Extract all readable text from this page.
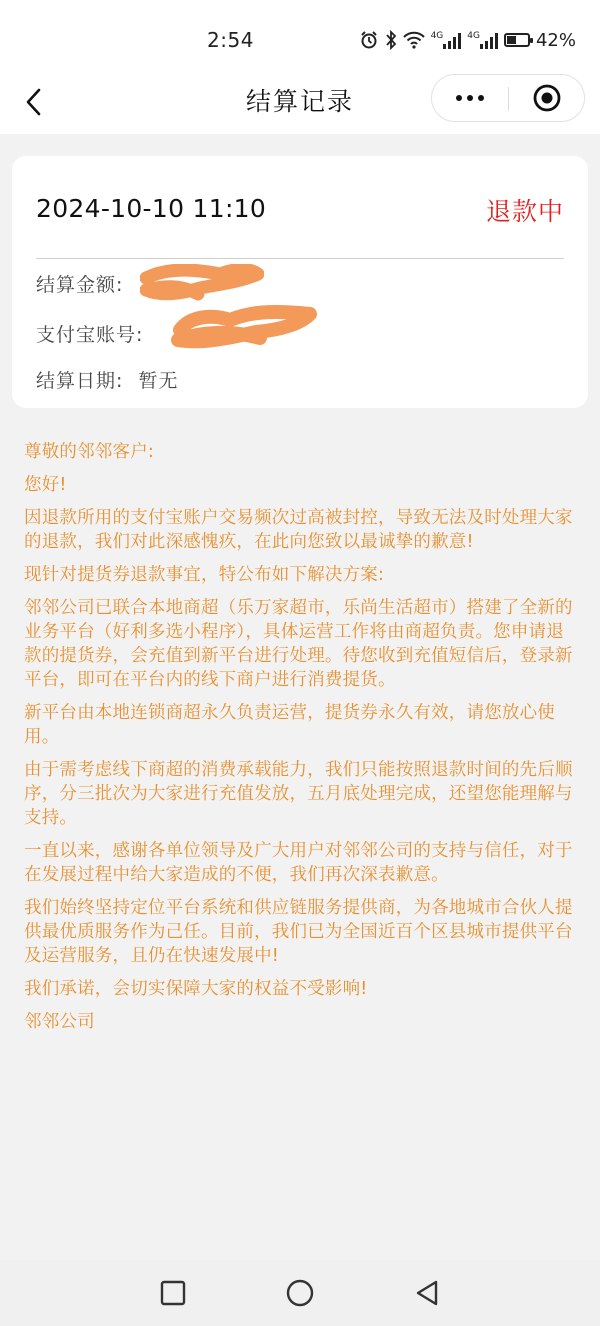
2:54	4G	4G	42%
结算记录
2024-10-10 11:10	退款中
结算金额:
支付宝账号:
结算日期: 暂无

尊敬的邻邻客户:

您好!

因退款所用的支付宝账户交易频次过高被封控，导致无法及时处理大家的退款，我们对此深感愧疚，在此向您致以最诚挚的歉意!

现针对提货券退款事宜，特公布如下解决方案:

邻邻公司已联合本地商超（乐万家超市，乐尚生活超市）搭建了全新的业务平台（好利多选小程序），具体运营工作将由商超负责。您申请退款的提货券，会充值到新平台进行处理。待您收到充值短信后，登录新平台，即可在平台内的线下商户进行消费提货。

新平台由本地连锁商超永久负责运营，提货券永久有效，请您放心使用。

由于需考虑线下商超的消费承载能力，我们只能按照退款时间的先后顺序，分三批次为大家进行充值发放，五月底处理完成，还望您能理解与支持。

一直以来，感谢各单位领导及广大用户对邻邻公司的支持与信任，对于在发展过程中给大家造成的不便，我们再次深表歉意。

我们始终坚持定位平台系统和供应链服务提供商，为各地城市合伙人提供最优质服务作为己任。目前，我们已为全国近百个区县城市提供平台及运营服务，且仍在快速发展中!

我们承诺，会切实保障大家的权益不受影响!

邻邻公司
